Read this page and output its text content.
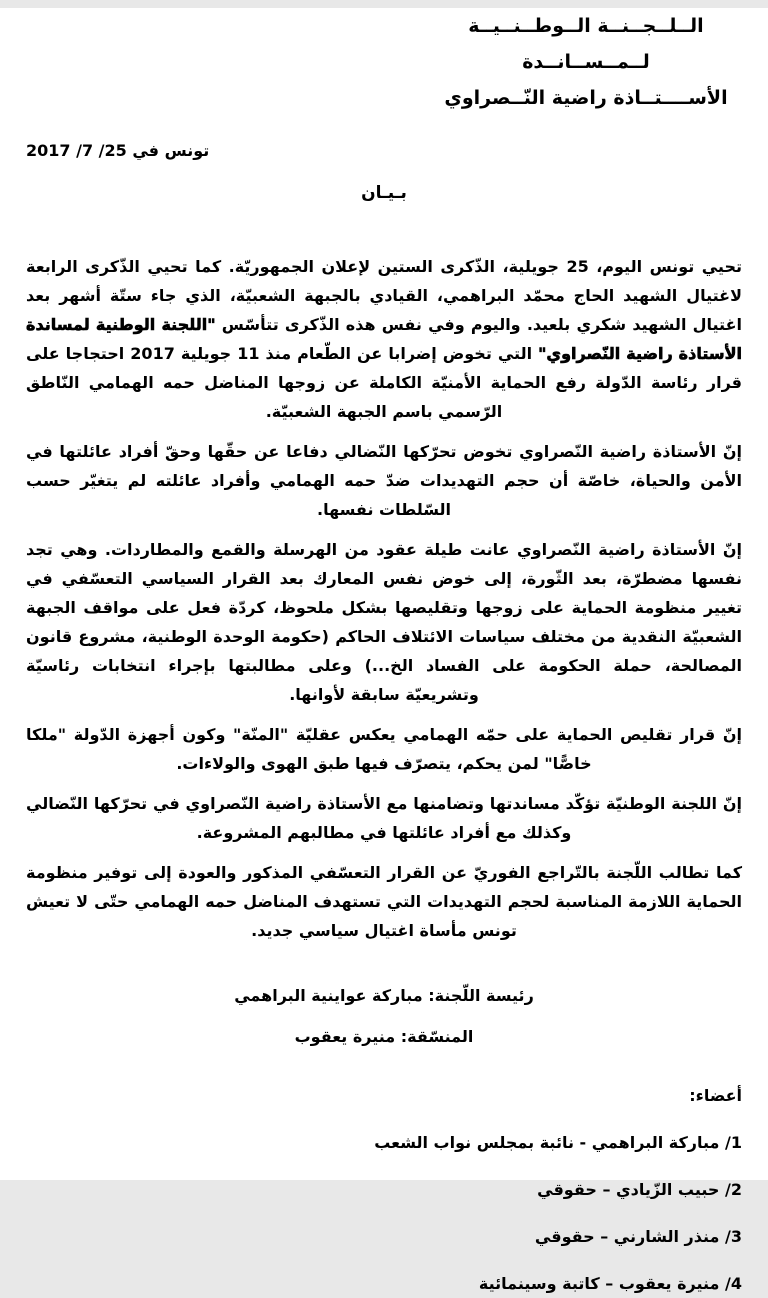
الــلــجــنــة الــوطــنــيــة لــمــســانــدة
الأســــتــاذة راضية النّــصراوي
تونس في 25/ 7/ 2017
بـيـان

تحيي تونس اليوم، 25 جويلية، الذّكرى الستين لإعلان الجمهوريّة. كما تحيي الذّكرى الرابعة لاغتيال الشهيد الحاج محمّد البراهمي، القيادي بالجبهة الشعبيّة، الذي جاء ستّة أشهر بعد اغتيال الشهيد شكري بلعيد. واليوم وفي نفس هذه الذّكرى تتأسّس "اللجنة الوطنية لمساندة الأستاذة راضية النّصراوي" التي تخوض إضرابا عن الطّعام منذ 11 جويلية 2017 احتجاجا على قرار رئاسة الدّولة رفع الحماية الأمنيّة الكاملة عن زوجها المناضل حمه الهمامي النّاطق الرّسمي باسم الجبهة الشعبيّة.

إنّ الأستاذة راضية النّصراوي تخوض تحرّكها النّضالي دفاعا عن حقّها وحقّ أفراد عائلتها في الأمن والحياة، خاصّة أن حجم التهديدات ضدّ حمه الهمامي وأفراد عائلته لم يتغيّر حسب السّلطات نفسها.

إنّ الأستاذة راضية النّصراوي عانت طيلة عقود من الهرسلة والقمع والمطاردات. وهي تجد نفسها مضطرّة، بعد الثّورة، إلى خوض نفس المعارك بعد القرار السياسي التعسّفي في تغيير منظومة الحماية على زوجها وتقليصها بشكل ملحوظ، كردّة فعل على مواقف الجبهة الشعبيّة النقدية من مختلف سياسات الائتلاف الحاكم (حكومة الوحدة الوطنية، مشروع قانون المصالحة، حملة الحكومة على الفساد الخ...) وعلى مطالبتها بإجراء انتخابات رئاسيّة وتشريعيّة سابقة لأوانها.

إنّ قرار تقليص الحماية على حمّه الهمامي يعكس عقليّة "المنّة" وكون أجهزة الدّولة "ملكا خاصًّا" لمن يحكم، يتصرّف فيها طبق الهوى والولاءات.

إنّ اللجنة الوطنيّة تؤكّد مساندتها وتضامنها مع الأستاذة راضية النّصراوي في تحرّكها النّضالي وكذلك مع أفراد عائلتها في مطالبهم المشروعة.

كما تطالب اللّجنة بالتّراجع الفوريّ عن القرار التعسّفي المذكور والعودة إلى توفير منظومة الحماية اللازمة المناسبة لحجم التهديدات التي تستهدف المناضل حمه الهمامي حتّى لا تعيش تونس مأساة اغتيال سياسي جديد.

رئيسة اللّجنة: مباركة عواينية البراهمي
المنسّقة: منيرة يعقوب
أعضاء:
1/ مباركة البراهمي - نائبة بمجلس نواب الشعب
2/ حبيب الزّيادي – حقوقي
3/ منذر الشارني – حقوقي
4/ منيرة يعقوب – كاتبة وسينمائية
